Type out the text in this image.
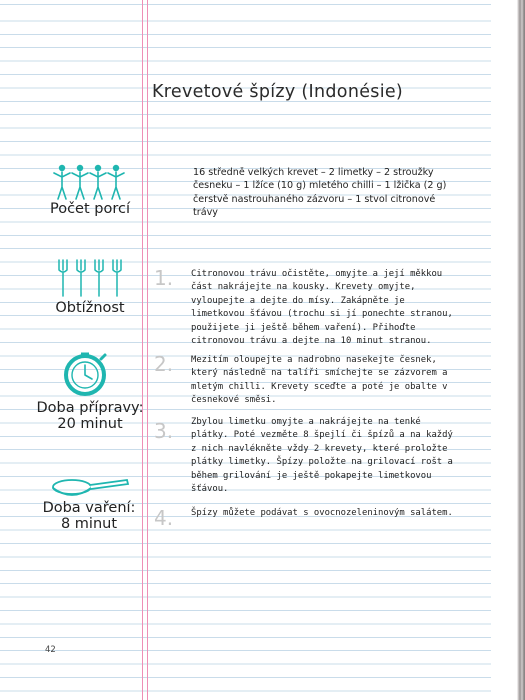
Krevetové špízy (Indonésie)
Počet porcí
Obtížnost
Doba přípravy:
20 minut
Doba vaření:
8 minut
16 středně velkých krevet – 2 limetky – 2 stroužky česneku – 1 lžíce (10 g) mletého chilli – 1 lžička (2 g) čerstvě nastrouhaného zázvoru – 1 stvol citronové trávy
1. Citronovou trávu očistěte, omyjte a její měkkou část nakrájejte na kousky. Krevety omyjte, vyloupejte a dejte do mísy. Zakápněte je limetkovou šťávou (trochu si jí ponechte stranou, použijete ji ještě během vaření). Přihoďte citronovou trávu a dejte na 10 minut stranou.
2. Mezitím oloupejte a nadrobno nasekejte česnek, který následně na talíři smíchejte se zázvorem a mletým chilli. Krevety sceďte a poté je obalte v česnekové směsi.
3. Zbylou limetku omyjte a nakrájejte na tenké plátky. Poté vezměte 8 špejlí či špízů a na každý z nich navlékněte vždy 2 krevety, které proložte plátky limetky. Špízy položte na grilovací rošt a během grilování je ještě pokapejte limetkovou šťávou.
4. Špízy můžete podávat s ovocnozeleninovým salátem.
42
